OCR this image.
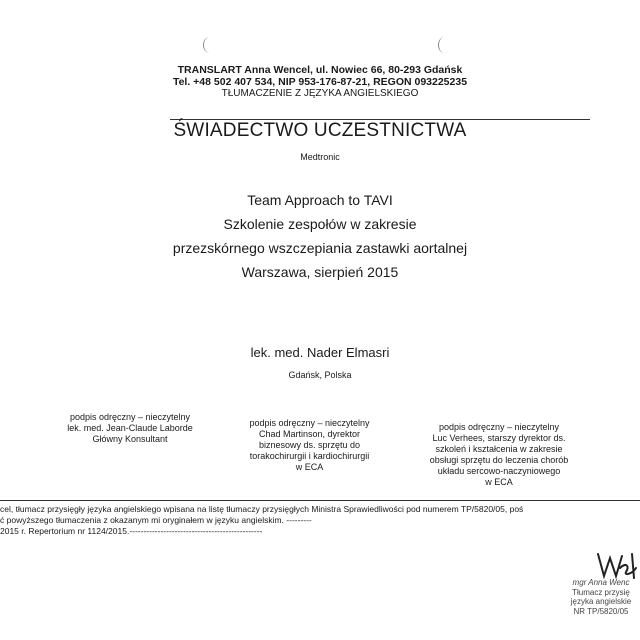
TRANSLART Anna Wencel, ul. Nowiec 66, 80-293 Gdańsk
Tel. +48 502 407 534, NIP 953-176-87-21, REGON 093225235
TŁUMACZENIE Z JĘZYKA ANGIELSKIEGO
ŚWIADECTWO UCZESTNICTWA
Medtronic
Team Approach to TAVI
Szkolenie zespołów w zakresie
przezskórnego wszczepiania zastawki aortalnej
Warszawa, sierpień 2015
lek. med. Nader Elmasri
Gdańsk, Polska
podpis odręczny – nieczytelny
lek. med. Jean-Claude Laborde
Główny Konsultant
podpis odręczny – nieczytelny
Chad Martinson, dyrektor
biznesowy ds. sprzętu do
torakochirurgii i kardiochirurgii
w ECA
podpis odręczny – nieczytelny
Luc Verhees, starszy dyrektor ds.
szkoleń i kształcenia w zakresie
obsługi sprzętu do leczenia chorób
układu sercowo-naczyniowego
w ECA
cel, tłumacz przysięgły języka angielskiego wpisana na listę tłumaczy przysięgłych Ministra Sprawiedliwości pod numerem TP/5820/05, poś
ć powyższego tłumaczenia z okazanym mi oryginałem w języku angielskim. ---------
2015 r. Repertorium nr 1124/2015.-----------------------------------------------
mgr Anna Wenc
Tłumacz przysię
języka angielskie
NR TP/5820/05
